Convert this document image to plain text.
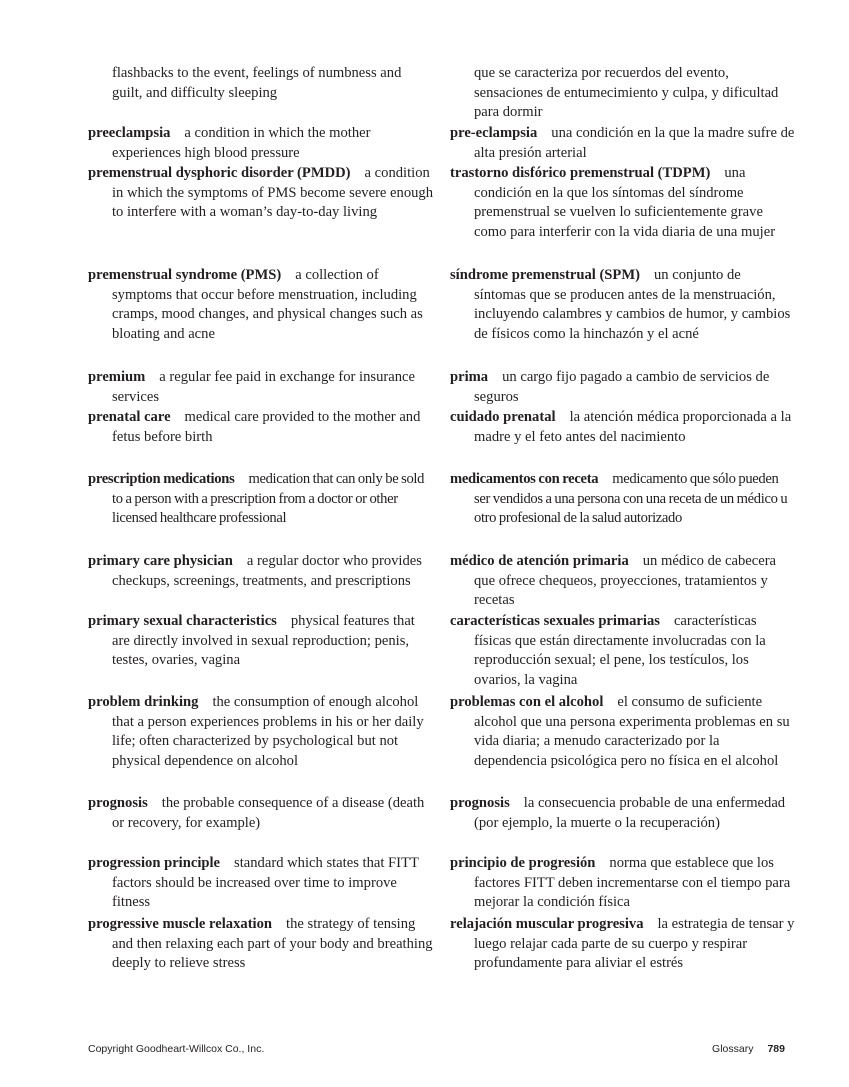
flashbacks to the event, feelings of numbness and guilt, and difficulty sleeping
preeclampsia a condition in which the mother experiences high blood pressure
premenstrual dysphoric disorder (PMDD) a condition in which the symptoms of PMS become severe enough to interfere with a woman’s day-to-day living
premenstrual syndrome (PMS) a collection of symptoms that occur before menstruation, including cramps, mood changes, and physical changes such as bloating and acne
premium a regular fee paid in exchange for insurance services
prenatal care medical care provided to the mother and fetus before birth
prescription medications medication that can only be sold to a person with a prescription from a doctor or other licensed healthcare professional
primary care physician a regular doctor who provides checkups, screenings, treatments, and prescriptions
primary sexual characteristics physical features that are directly involved in sexual reproduction; penis, testes, ovaries, vagina
problem drinking the consumption of enough alcohol that a person experiences problems in his or her daily life; often characterized by psychological but not physical dependence on alcohol
prognosis the probable consequence of a disease (death or recovery, for example)
progression principle standard which states that FITT factors should be increased over time to improve fitness
progressive muscle relaxation the strategy of tensing and then relaxing each part of your body and breathing deeply to relieve stress
que se caracteriza por recuerdos del evento, sensaciones de entumecimiento y culpa, y dificultad para dormir
pre-eclampsia una condición en la que la madre sufre de alta presión arterial
trastorno disfórico premenstrual (TDPM) una condición en la que los síntomas del síndrome premenstrual se vuelven lo suficientemente grave como para interferir con la vida diaria de una mujer
síndrome premenstrual (SPM) un conjunto de síntomas que se producen antes de la menstruación, incluyendo calambres y cambios de humor, y cambios de físicos como la hinchazón y el acné
prima un cargo fijo pagado a cambio de servicios de seguros
cuidado prenatal la atención médica proporcionada a la madre y el feto antes del nacimiento
medicamentos con receta medicamento que sólo pueden ser vendidos a una persona con una receta de un médico u otro profesional de la salud autorizado
médico de atención primaria un médico de cabecera que ofrece chequeos, proyecciones, tratamientos y recetas
características sexuales primarias características físicas que están directamente involucradas con la reproducción sexual; el pene, los testículos, los ovarios, la vagina
problemas con el alcohol el consumo de suficiente alcohol que una persona experimenta problemas en su vida diaria; a menudo caracterizado por la dependencia psicológica pero no física en el alcohol
prognosis la consecuencia probable de una enfermedad (por ejemplo, la muerte o la recuperación)
principio de progresión norma que establece que los factores FITT deben incrementarse con el tiempo para mejorar la condición física
relajación muscular progresiva la estrategia de tensar y luego relajar cada parte de su cuerpo y respirar profundamente para aliviar el estrés
Copyright Goodheart-Willcox Co., Inc.	Glossary 789
